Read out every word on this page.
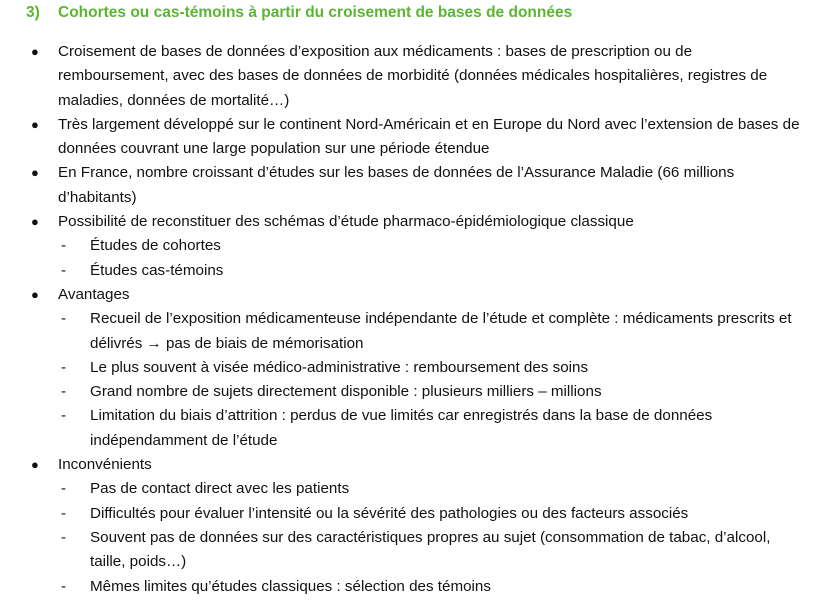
3) Cohortes ou cas-témoins à partir du croisement de bases de données
● Croisement de bases de données d’exposition aux médicaments : bases de prescription ou de remboursement, avec des bases de données de morbidité (données médicales hospitalières, registres de maladies, données de mortalité…)
● Très largement développé sur le continent Nord-Américain et en Europe du Nord avec l’extension de bases de données couvrant une large population sur une période étendue
● En France, nombre croissant d’études sur les bases de données de l’Assurance Maladie (66 millions d’habitants)
● Possibilité de reconstituer des schémas d’étude pharmaco-épidémiologique classique
- Études de cohortes
- Études cas-témoins
● Avantages
- Recueil de l’exposition médicamenteuse indépendante de l’étude et complète : médicaments prescrits et délivrés → pas de biais de mémorisation
- Le plus souvent à visée médico-administrative : remboursement des soins
- Grand nombre de sujets directement disponible : plusieurs milliers – millions
- Limitation du biais d’attrition : perdus de vue limités car enregistrés dans la base de données indépendamment de l’étude
● Inconvénients
- Pas de contact direct avec les patients
- Difficultés pour évaluer l’intensité ou la sévérité des pathologies ou des facteurs associés
- Souvent pas de données sur des caractéristiques propres au sujet (consommation de tabac, d’alcool, taille, poids…)
- Mêmes limites qu’études classiques : sélection des témoins
